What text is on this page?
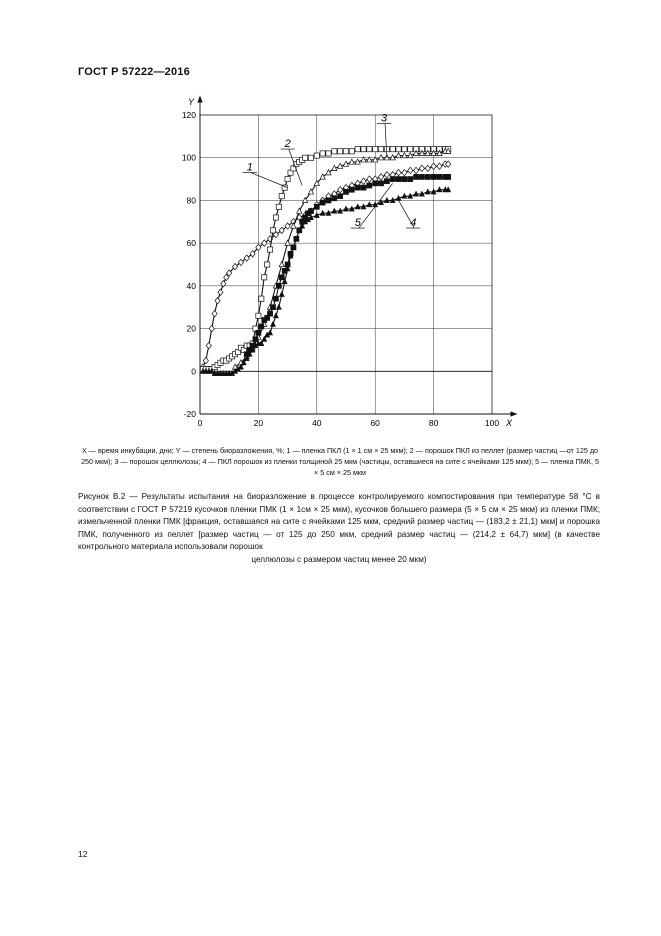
ГОСТ Р 57222—2016

Y
X
-20
0
20
40
60
80
100
120
0	20	40	60	80	100
1
2
3
5	4

X — время инкубации, дни; Y — степень биоразложения, %; 1 — пленка ПКЛ (1 × 1 см × 25 мкм); 2 — порошок ПКЛ из пеллет (размер частиц —от 125 до 250 мкм); 3 — порошок целлюлозы; 4 — ПКЛ порошок из пленки толщиной 25 мкм (частицы, оставшиеся на сите с ячейками 125 мкм); 5 — пленка ПМК, 5 × 5 см × 25 мкм

Рисунок В.2 — Результаты испытания на биоразложение в процессе контролируемого компостирования при температуре 58 °С в соответствии с ГОСТ Р 57219 кусочков пленки ПМК (1 × 1см × 25 мкм), кусочков большего размера (5 × 5 см × 25 мкм) из пленки ПМК; измельченной пленки ПМК [фракция, оставшаяся на сите с ячейками 125 мкм, средний размер частиц — (183,2 ± 21,1) мкм] и порошка ПМК, полученного из пеллет [размер частиц — от 125 до 250 мкм, средний размер частиц — (214,2 ± 64,7) мкм] (в качестве контрольного материала использовали порошок
целлюлозы с размером частиц менее 20 мкм)

12
